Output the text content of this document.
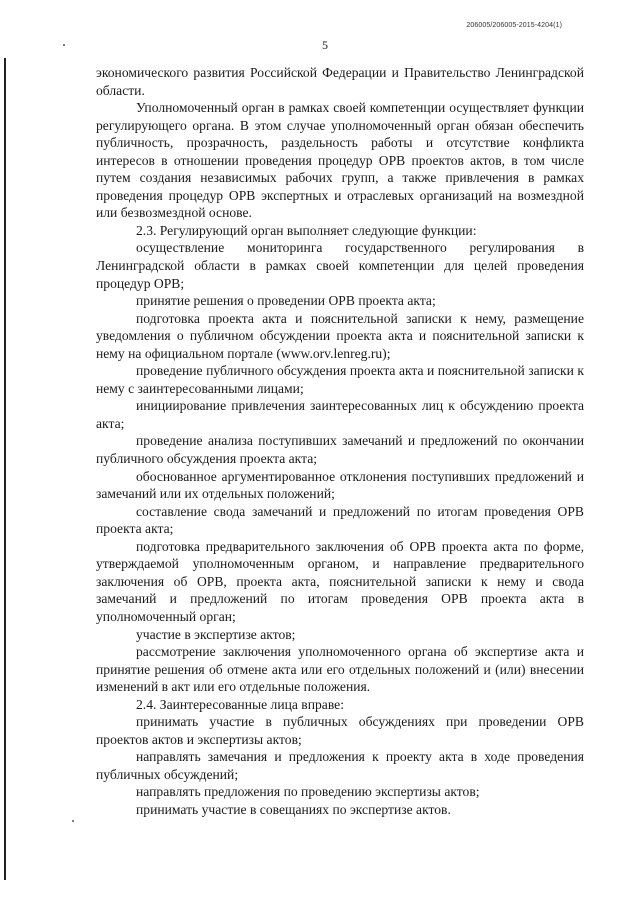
206005/206005-2015-4204(1)
5

экономического развития Российской Федерации и Правительство Ленинградской области.

Уполномоченный орган в рамках своей компетенции осуществляет функции регулирующего органа. В этом случае уполномоченный орган обязан обеспечить публичность, прозрачность, раздельность работы и отсутствие конфликта интересов в отношении проведения процедур ОРВ проектов актов, в том числе путем создания независимых рабочих групп, а также привлечения в рамках проведения процедур ОРВ экспертных и отраслевых организаций на возмездной или безвозмездной основе.

2.3. Регулирующий орган выполняет следующие функции:

осуществление мониторинга государственного регулирования в Ленинградской области в рамках своей компетенции для целей проведения процедур ОРВ;

принятие решения о проведении ОРВ проекта акта;

подготовка проекта акта и пояснительной записки к нему, размещение уведомления о публичном обсуждении проекта акта и пояснительной записки к нему на официальном портале (www.orv.lenreg.ru);

проведение публичного обсуждения проекта акта и пояснительной записки к нему с заинтересованными лицами;

инициирование привлечения заинтересованных лиц к обсуждению проекта акта;

проведение анализа поступивших замечаний и предложений по окончании публичного обсуждения проекта акта;

обоснованное аргументированное отклонения поступивших предложений и замечаний или их отдельных положений;

составление свода замечаний и предложений по итогам проведения ОРВ проекта акта;

подготовка предварительного заключения об ОРВ проекта акта по форме, утверждаемой уполномоченным органом, и направление предварительного заключения об ОРВ, проекта акта, пояснительной записки к нему и свода замечаний и предложений по итогам проведения ОРВ проекта акта в уполномоченный орган;

участие в экспертизе актов;

рассмотрение заключения уполномоченного органа об экспертизе акта и принятие решения об отмене акта или его отдельных положений и (или) внесении изменений в акт или его отдельные положения.

2.4. Заинтересованные лица вправе:

принимать участие в публичных обсуждениях при проведении ОРВ проектов актов и экспертизы актов;

направлять замечания и предложения к проекту акта в ходе проведения публичных обсуждений;

направлять предложения по проведению экспертизы актов;

принимать участие в совещаниях по экспертизе актов.
